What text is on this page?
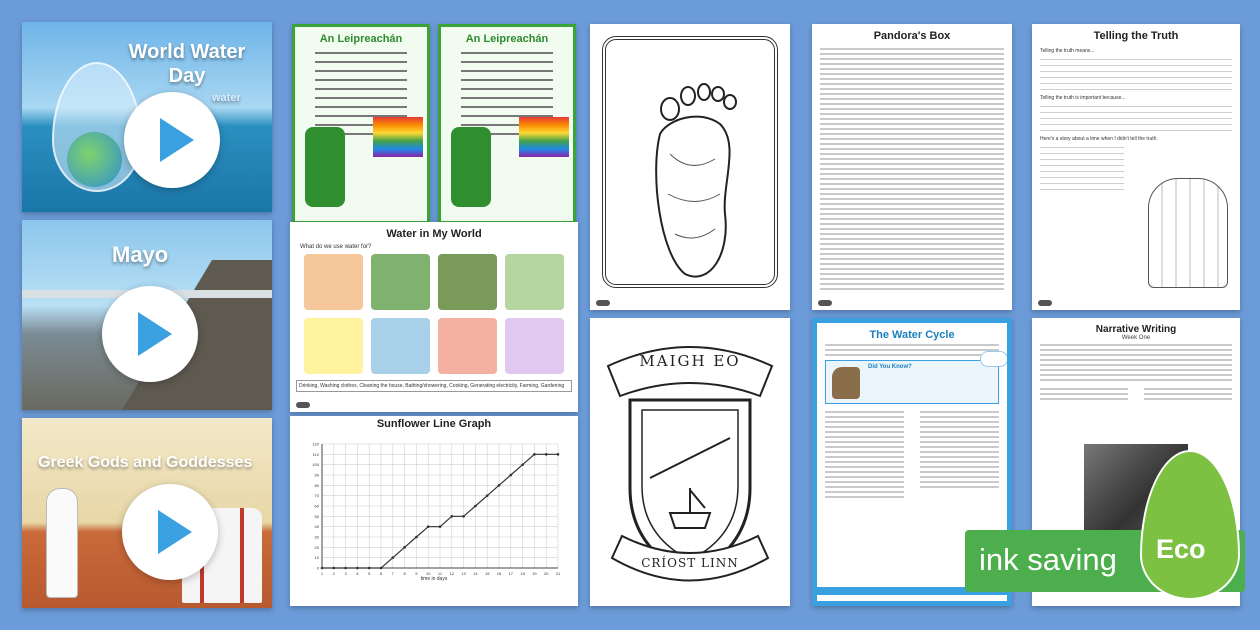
World Water Day
water
Mayo
Greek Gods and Goddesses
An Leipreachán	An Leipreachán
Water in My World
What do we use water for?
Drinking, Washing clothes, Cleaning the house, Bathing/showering, Cooking, Generating electricity, Farming, Gardening
Sunflower Line Graph
0
10
20
30
40
50
60
70
80
90
100
110
120
1 2 3 4 5 6 7 8 9 10 11 12 13 14 15 16 17 18 19 20 21
time in days
MAIGH EO
CRÍOST LINN
Pandora's Box
The Water Cycle
Did You Know?
Telling the Truth
Telling the truth means...
Telling the truth is important because...
Here's a story about a time when I didn't tell the truth.
Narrative Writing
Week One
ink saving Eco
